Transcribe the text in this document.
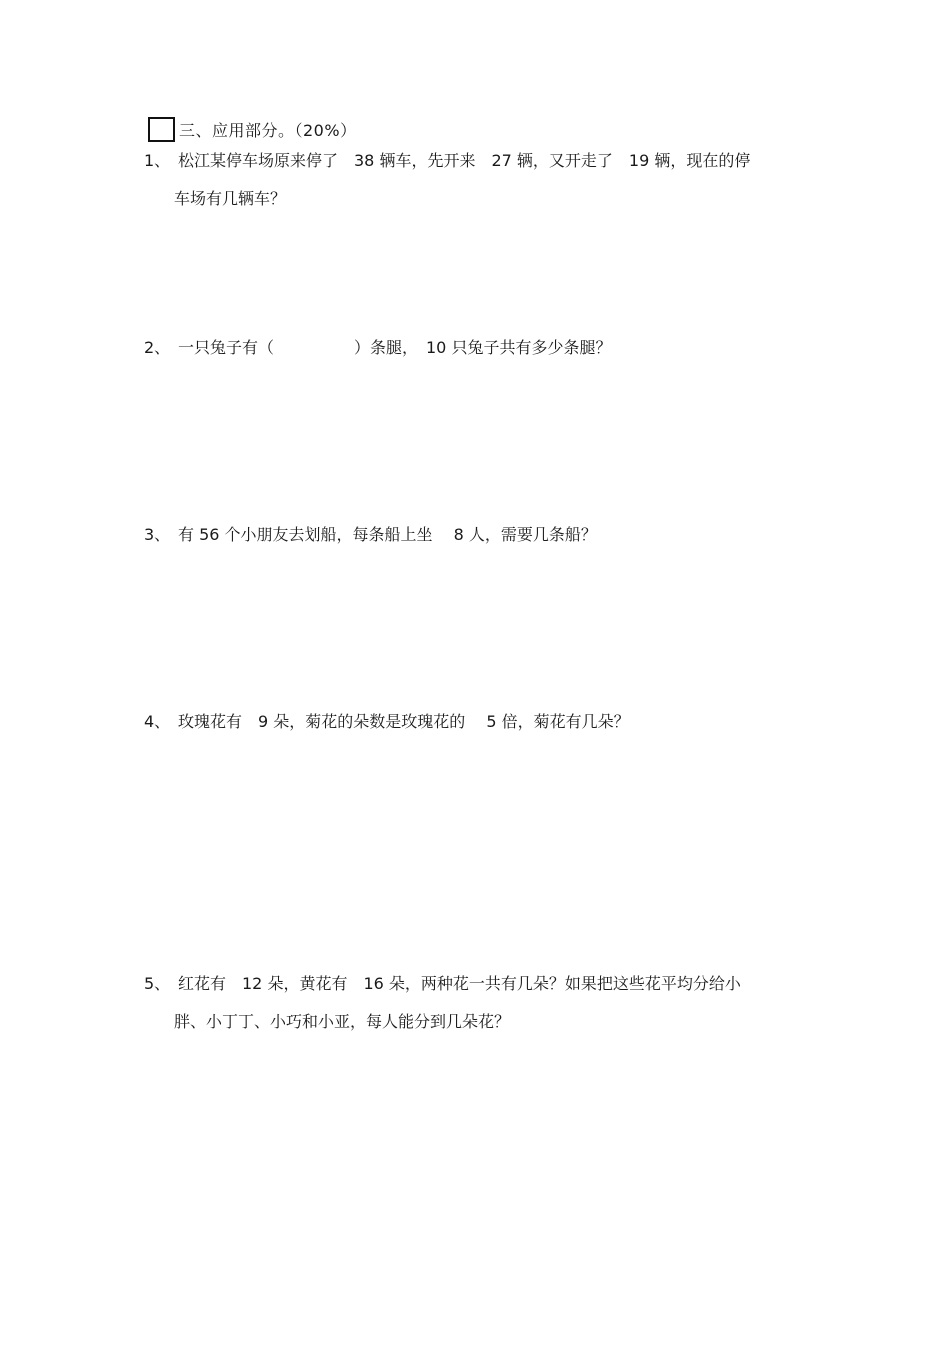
三、应用部分。（20%）
1、 松江某停车场原来停了　38 辆车，先开来　27 辆，又开走了　19 辆，现在的停
车场有几辆车？
2、 一只兔子有（　　　　　）条腿，　10 只兔子共有多少条腿？
3、 有 56 个小朋友去划船，每条船上坐　 8 人，需要几条船？
4、 玫瑰花有　9 朵，菊花的朵数是玫瑰花的　 5 倍，菊花有几朵？
5、 红花有　12 朵，黄花有　16 朵，两种花一共有几朵？如果把这些花平均分给小
胖、小丁丁、小巧和小亚，每人能分到几朵花？
